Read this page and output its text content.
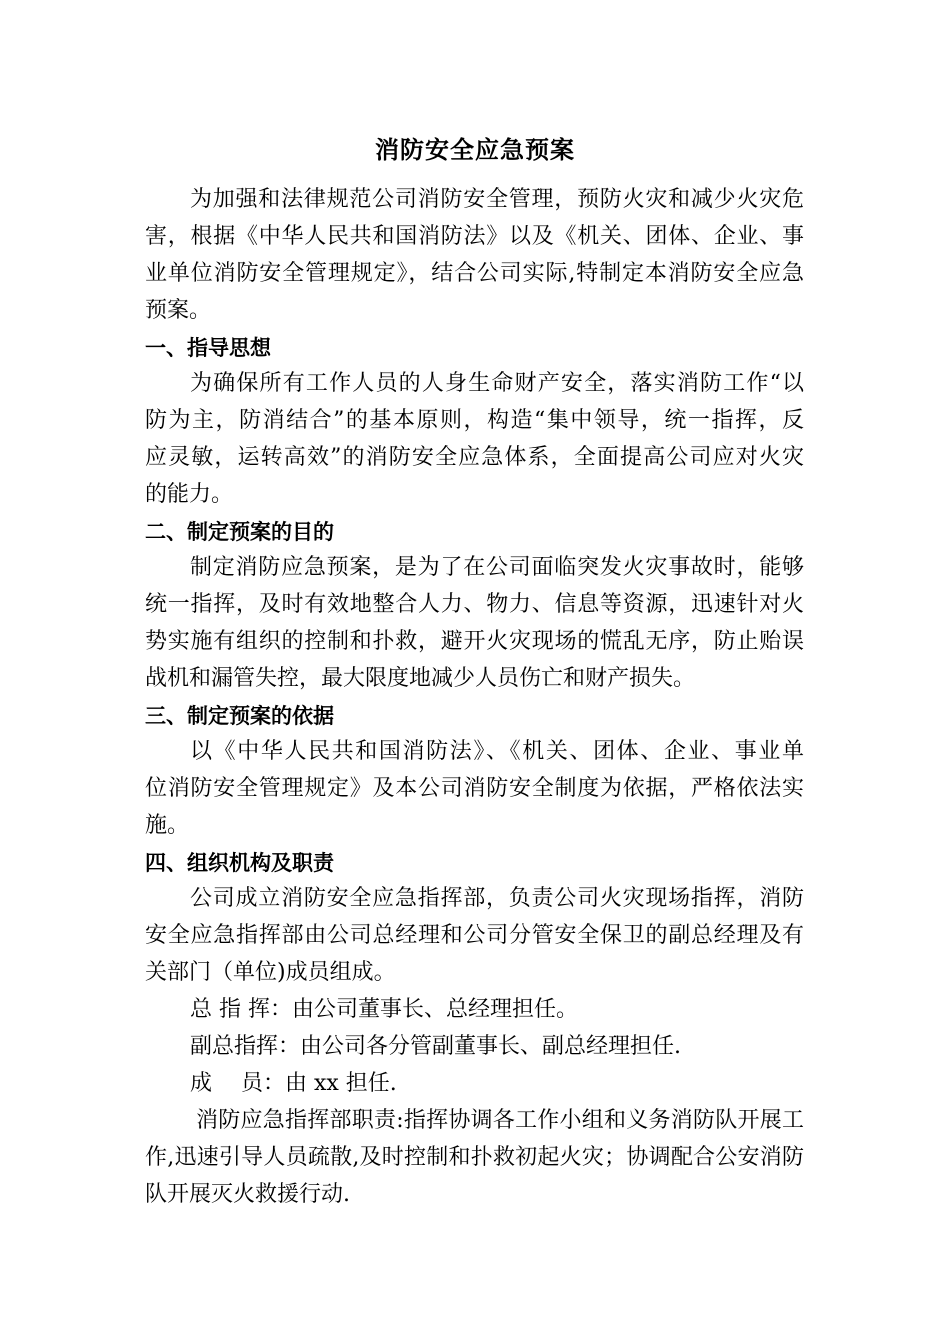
消防安全应急预案

为加强和法律规范公司消防安全管理，预防火灾和减少火灾危

害，根据《中华人民共和国消防法》以及《机关、团体、企业、事

业单位消防安全管理规定》，结合公司实际,特制定本消防安全应急

预案。

一、指导思想

为确保所有工作人员的人身生命财产安全，落实消防工作“以

防为主，防消结合”的基本原则，构造“集中领导，统一指挥，反

应灵敏，运转高效”的消防安全应急体系，全面提高公司应对火灾

的能力。

二、制定预案的目的

制定消防应急预案，是为了在公司面临突发火灾事故时，能够

统一指挥，及时有效地整合人力、物力、信息等资源，迅速针对火

势实施有组织的控制和扑救，避开火灾现场的慌乱无序，防止贻误

战机和漏管失控，最大限度地减少人员伤亡和财产损失。

三、制定预案的依据

以《中华人民共和国消防法》、《机关、团体、企业、事业单

位消防安全管理规定》及本公司消防安全制度为依据，严格依法实

施。

四、组织机构及职责

公司成立消防安全应急指挥部，负责公司火灾现场指挥，消防

安全应急指挥部由公司总经理和公司分管安全保卫的副总经理及有

关部门（单位)成员组成。

总 指 挥：由公司董事长、总经理担任。

副总指挥：由公司各分管副董事长、副总经理担任.

成　 员：由 xx 担任.

消防应急指挥部职责:指挥协调各工作小组和义务消防队开展工

作,迅速引导人员疏散,及时控制和扑救初起火灾；协调配合公安消防

队开展灭火救援行动.
